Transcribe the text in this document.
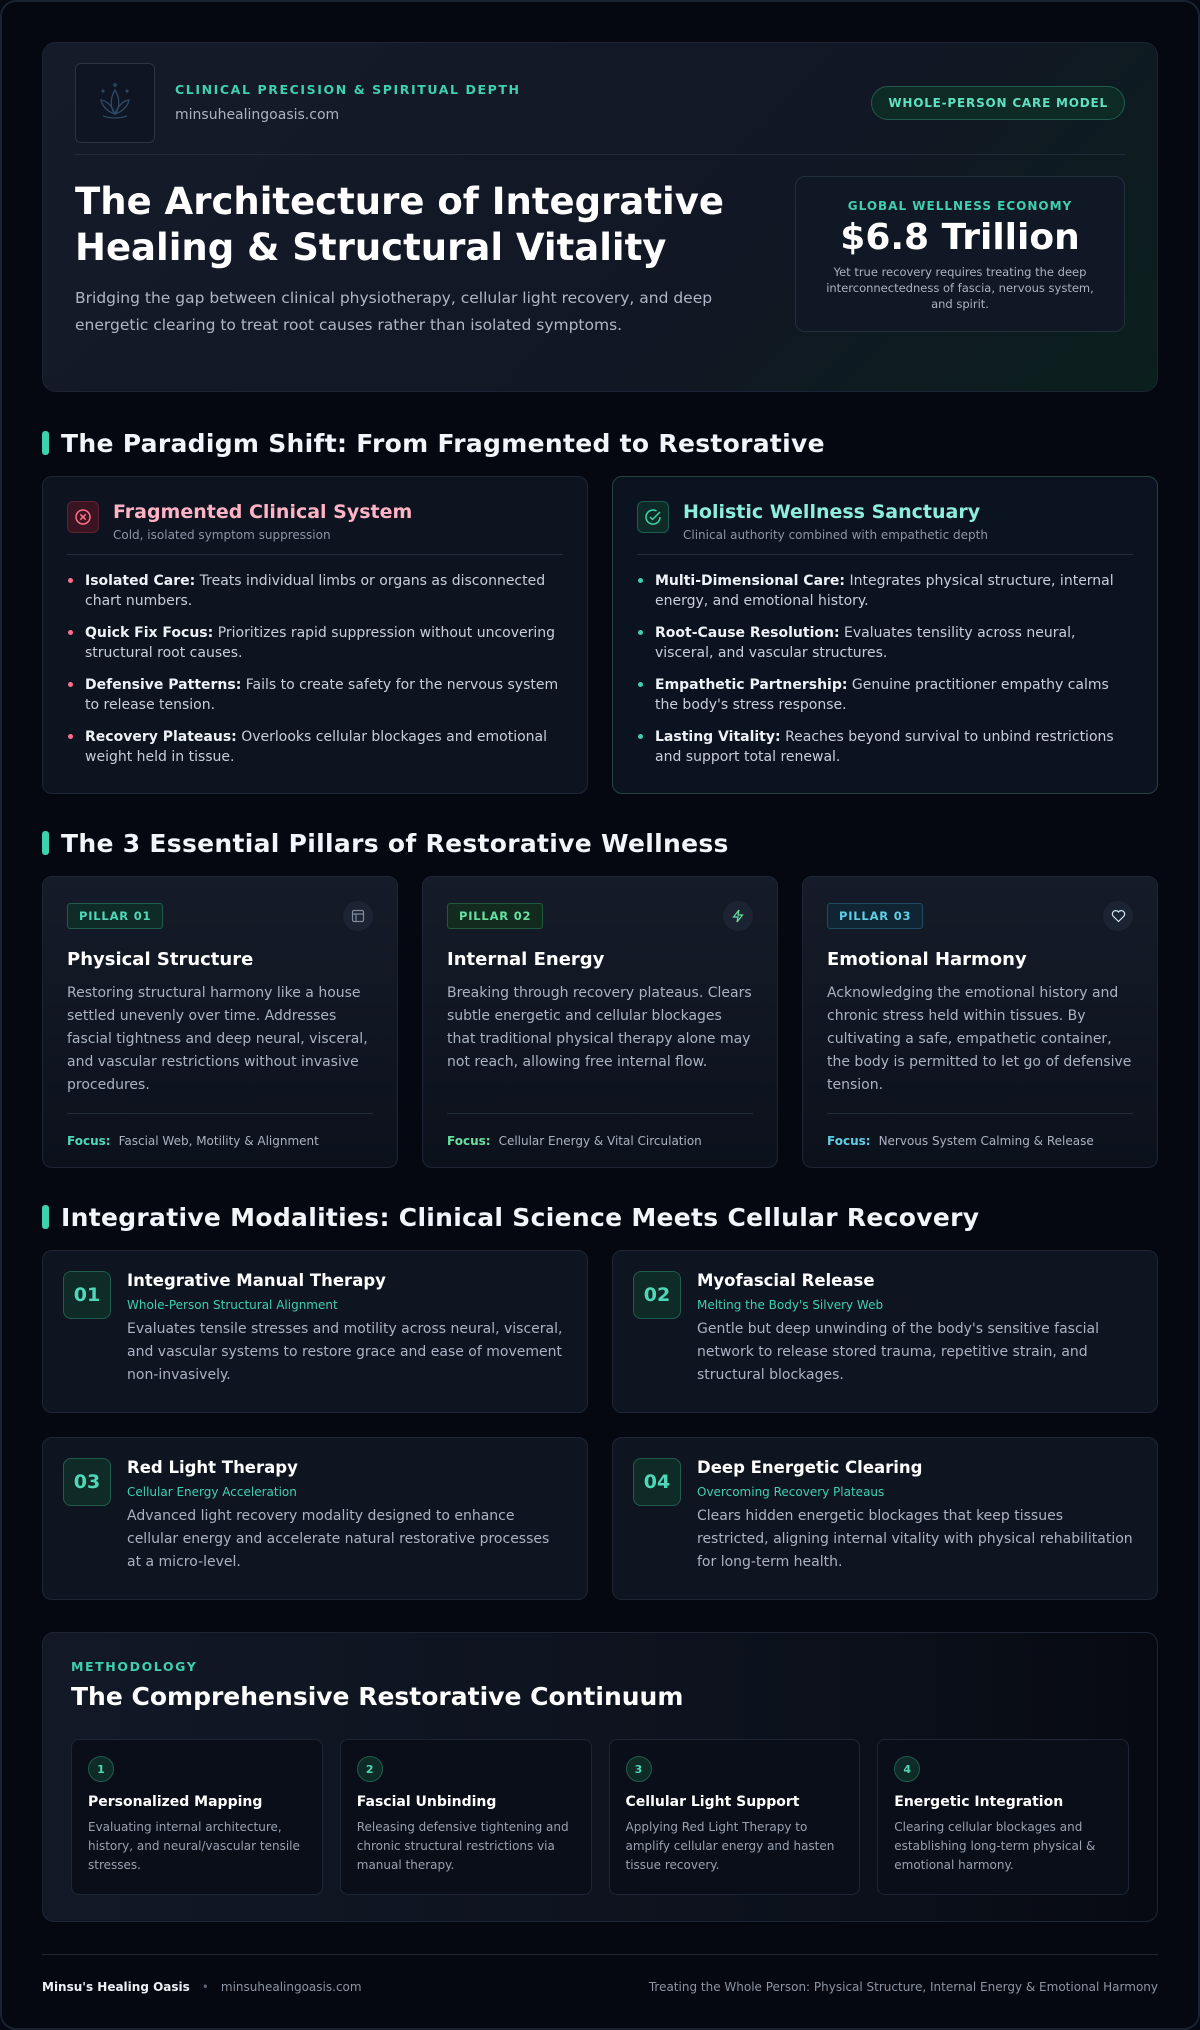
CLINICAL PRECISION & SPIRITUAL DEPTH
minsuhealingoasis.com
WHOLE-PERSON CARE MODEL
The Architecture of Integrative Healing & Structural Vitality

Bridging the gap between clinical physiotherapy, cellular light recovery, and deep energetic clearing to treat root causes rather than isolated symptoms.

GLOBAL WELLNESS ECONOMY
$6.8 Trillion
Yet true recovery requires treating the deep interconnectedness of fascia, nervous system, and spirit.
The Paradigm Shift: From Fragmented to Restorative
Fragmented Clinical System
Cold, isolated symptom suppression
Isolated Care: Treats individual limbs or organs as disconnected chart numbers.
Quick Fix Focus: Prioritizes rapid suppression without uncovering structural root causes.
Defensive Patterns: Fails to create safety for the nervous system to release tension.
Recovery Plateaus: Overlooks cellular blockages and emotional weight held in tissue.
Holistic Wellness Sanctuary
Clinical authority combined with empathetic depth
Multi-Dimensional Care: Integrates physical structure, internal energy, and emotional history.
Root-Cause Resolution: Evaluates tensility across neural, visceral, and vascular structures.
Empathetic Partnership: Genuine practitioner empathy calms the body's stress response.
Lasting Vitality: Reaches beyond survival to unbind restrictions and support total renewal.
The 3 Essential Pillars of Restorative Wellness
PILLAR 01
Physical Structure
Restoring structural harmony like a house settled unevenly over time. Addresses fascial tightness and deep neural, visceral, and vascular restrictions without invasive procedures.
Focus: Fascial Web, Motility & Alignment
PILLAR 02
Internal Energy
Breaking through recovery plateaus. Clears subtle energetic and cellular blockages that traditional physical therapy alone may not reach, allowing free internal flow.
Focus: Cellular Energy & Vital Circulation
PILLAR 03
Emotional Harmony
Acknowledging the emotional history and chronic stress held within tissues. By cultivating a safe, empathetic container, the body is permitted to let go of defensive tension.
Focus: Nervous System Calming & Release
Integrative Modalities: Clinical Science Meets Cellular Recovery
01
Integrative Manual Therapy
Whole-Person Structural Alignment
Evaluates tensile stresses and motility across neural, visceral, and vascular systems to restore grace and ease of movement non-invasively.
02
Myofascial Release
Melting the Body's Silvery Web
Gentle but deep unwinding of the body's sensitive fascial network to release stored trauma, repetitive strain, and structural blockages.
03
Red Light Therapy
Cellular Energy Acceleration
Advanced light recovery modality designed to enhance cellular energy and accelerate natural restorative processes at a micro-level.
04
Deep Energetic Clearing
Overcoming Recovery Plateaus
Clears hidden energetic blockages that keep tissues restricted, aligning internal vitality with physical rehabilitation for long-term health.
METHODOLOGY
The Comprehensive Restorative Continuum
1
Personalized Mapping
Evaluating internal architecture, history, and neural/vascular tensile stresses.
2
Fascial Unbinding
Releasing defensive tightening and chronic structural restrictions via manual therapy.
3
Cellular Light Support
Applying Red Light Therapy to amplify cellular energy and hasten tissue recovery.
4
Energetic Integration
Clearing cellular blockages and establishing long-term physical & emotional harmony.
Minsu's Healing Oasis • minsuhealingoasis.com	Treating the Whole Person: Physical Structure, Internal Energy & Emotional Harmony
